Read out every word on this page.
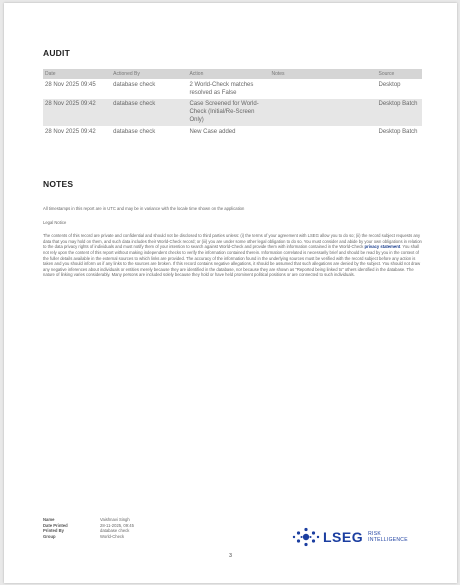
AUDIT
Date	Actioned By	Action	Notes	Source
28 Nov 2025 09:45	database check	2 World-Check matches resolved as False		Desktop
28 Nov 2025 09:42	database check	Case Screened for World-Check (Initial/Re-Screen Only)		Desktop Batch
28 Nov 2025 09:42	database check	New Case added		Desktop Batch
NOTES

All timestamps in this report are in UTC and may be in variance with the locale time shown on the application

Legal Notice

The contents of this record are private and confidential and should not be disclosed to third parties unless: (i) the terms of your agreement with LSEG allow you to do so; (ii) the record subject requests any data that you may hold on them, and such data includes their World-Check record; or (iii) you are under some other legal obligation to do so. You must consider and abide by your own obligations in relation to the data privacy rights of individuals and must notify them of your intention to search against World-Check and provide them with information contained in the World-Check privacy statement. You shall not rely upon the content of this report without making independent checks to verify the information contained therein. Information correlated is necessarily brief and should be read by you in the context of the fuller details available in the external sources to which links are provided. The accuracy of the information found in the underlying sources must be verified with the record subject before any action is taken and you should inform us if any links to the sources are broken. If this record contains negative allegations, it should be assumed that such allegations are denied by the subject. You should not draw any negative inferences about individuals or entities merely because they are identified in the database, nor because they are shown as "Reported being linked to" others identified in the database. The nature of linking varies considerably. Many persons are included solely because they hold or have held prominent political positions or are connected to such individuals.

Name	Vaishnavi Singh
Date Printed	28-11-2025, 09:45
Printed By	database check
Group	World-Check	LSEG RISK
INTELLIGENCE
3
